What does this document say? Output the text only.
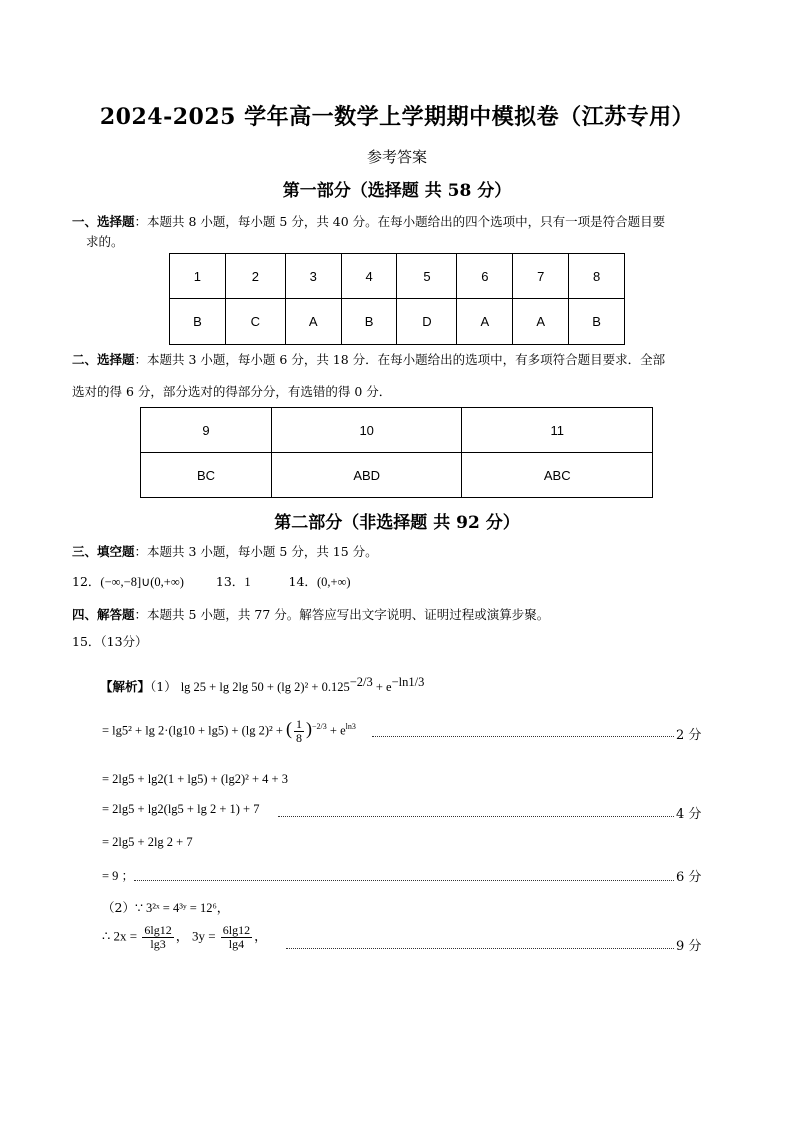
2024-2025 学年高一数学上学期期中模拟卷（江苏专用）
参考答案
第一部分（选择题 共 58 分）
一、选择题：本题共 8 小题，每小题 5 分，共 40 分。在每小题给出的四个选项中，只有一项是符合题目要
求的。
1	2	3	4	5	6	7	8
B	C	A	B	D	A	A	B
二、选择题：本题共 3 小题，每小题 6 分，共 18 分．在每小题给出的选项中，有多项符合题目要求．全部
选对的得 6 分，部分选对的得部分分，有选错的得 0 分．
9	10	11
BC	ABD	ABC
第二部分（非选择题 共 92 分）
三、填空题：本题共 3 小题，每小题 5 分，共 15 分。
12．(−∞,−8]∪(0,+∞)	13．1	14．(0,+∞)
四、解答题：本题共 5 小题，共 77 分。解答应写出文字说明、证明过程或演算步聚。
15．（13分）
【解析】（1） lg 25 + lg 2lg 50 + (lg $2)^2 + 0.125^{-2/3} + e^{-ln1/3}$
= lg5² + lg 2·(lg10 + lg5) + (lg 2)² + ( $\frac{1}{8} )^{-2/3} + e^{ln3}$
2 分
= 2lg5 + lg2(1 + lg5) + (lg2)² + 4 + 3
= 2lg5 + lg2(lg5 + lg 2 + 1) + 7	4 分
= 2lg5 + 2lg 2 + 7
= 9 ；	6 分
（2）∵ 3²ˣ = 4³ʸ = 12⁶，
∴ $2x = \frac{6\lg 12}{\lg 3}$ ， $3y = \frac{6\lg 12}{\lg 4}$ ，
9 分
